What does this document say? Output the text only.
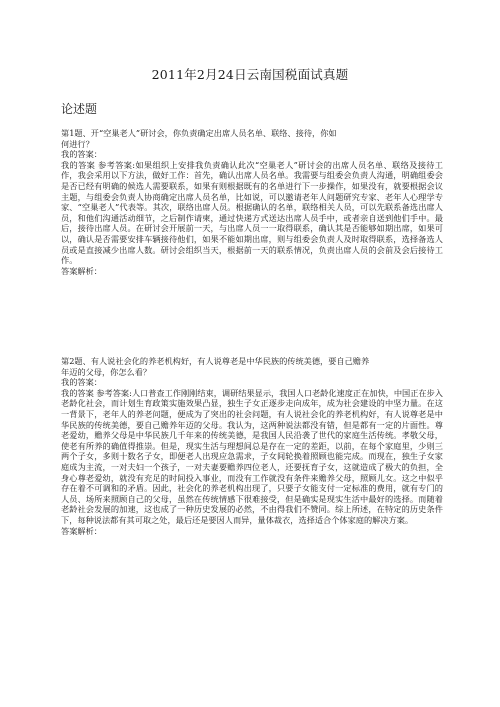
2011年2月24日云南国税面试真题
论述题
第1题、开“空巢老人”研讨会，你负责确定出席人员名单、联络、接待，你如
何进行？
我的答案：
我的答案 参考答案:如果组织上安排我负责确认此次“空巢老人”研讨会的出席人员名单、联络及接待工作，我会采用以下方法，做好工作：首先，确认出席人员名单。我需要与组委会负责人沟通，明确组委会是否已经有明确的候选人需要联系，如果有则根据既有的名单进行下一步操作，如果没有，就要根据会议主题，与组委会负责人协商确定出席人员名单，比如说，可以邀请老年人问题研究专家、老年人心理学专家、“空巢老人”代表等。其次，联络出席人员。根据确认的名单，联络相关人员，可以先联系备选出席人员，和他们沟通活动细节，之后制作请柬，通过快递方式送达出席人员手中，或者亲自送到他们手中。最后，接待出席人员。在研讨会开展前一天，与出席人员一一取得联系，确认其是否能够如期出席，如果可以，确认是否需要安排车辆接待他们，如果不能如期出席，则与组委会负责人及时取得联系，选择备选人员或是直接减少出席人数。研讨会组织当天，根据前一天的联系情况，负责出席人员的会前及会后接待工作。
答案解析：
第2题、有人说社会化的养老机构好，有人说尊老是中华民族的传统美德，要自己赡养
年迈的父母，你怎么看？
我的答案：
我的答案 参考答案:人口普查工作刚刚结束，调研结果显示，我国人口老龄化速度正在加快，中国正在步入老龄化社会，而计划生育政策实施效果凸显，独生子女正逐步走向成年，成为社会建设的中坚力量。在这一背景下，老年人的养老问题，便成为了突出的社会问题，有人说社会化的养老机构好，有人说尊老是中华民族的传统美德，要自己赡养年迈的父母。我认为，这两种说法都没有错，但是都有一定的片面性。尊老爱幼，赡养父母是中华民族几千年来的传统美德，是我国人民沿袭了世代的家庭生活传统。孝敬父母，使老有所养的确值得推崇。但是，现实生活与理想间总是存在一定的差距，以前，在每个家庭里，少则三两个子女，多则十数名子女，即便老人出现应急需求，子女间轮换着照顾也能完成。而现在，独生子女家庭成为主流，一对夫妇一个孩子，一对夫妻要赡养四位老人，还要抚育子女，这就造成了极大的负担，全身心尊老爱幼，就没有充足的时间投入事业，而没有工作就没有条件来赡养父母，照顾儿女。这之中似乎存在着不可调和的矛盾。因此，社会化的养老机构出现了，只要子女能支付一定标准的费用，就有专门的人员、场所来照顾自己的父母，虽然在传统情感下很难接受，但是确实是现实生活中最好的选择。而随着老龄社会发展的加速，这也成了一种历史发展的必然，不由得我们不赞同。综上所述，在特定的历史条件下，每种说法都有其可取之处，最后还是要因人而异，量体裁衣，选择适合个体家庭的解决方案。
答案解析：
